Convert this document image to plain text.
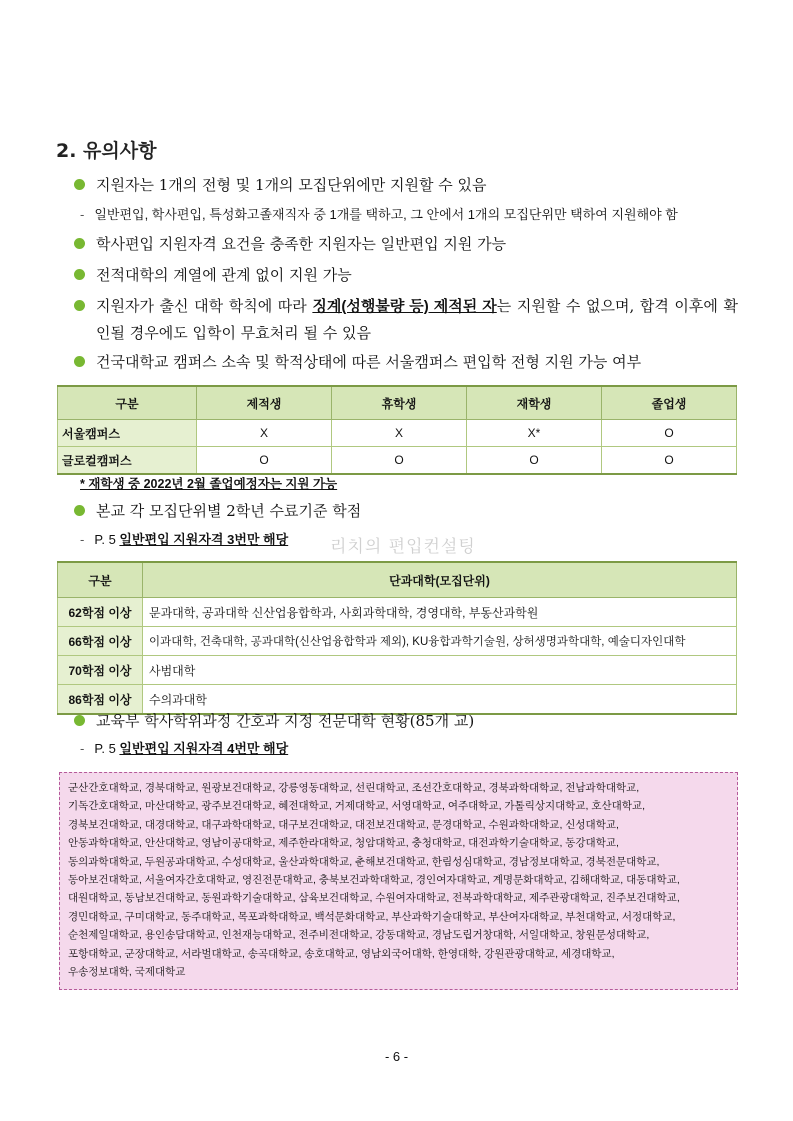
2. 유의사항
지원자는 1개의 전형 및 1개의 모집단위에만 지원할 수 있음
- 일반편입, 학사편입, 특성화고졸재직자 중 1개를 택하고, 그 안에서 1개의 모집단위만 택하여 지원해야 함
학사편입 지원자격 요건을 충족한 지원자는 일반편입 지원 가능
전적대학의 계열에 관계 없이 지원 가능
지원자가 출신 대학 학칙에 따라 징계(성행불량 등) 제적된 자는 지원할 수 없으며, 합격 이후에 확인될 경우에도 입학이 무효처리 될 수 있음
건국대학교 캠퍼스 소속 및 학적상태에 따른 서울캠퍼스 편입학 전형 지원 가능 여부
구분	제적생	휴학생	재학생	졸업생
서울캠퍼스	X	X	X*	O
글로컬캠퍼스	O	O	O	O
* 재학생 중 2022년 2월 졸업예정자는 지원 가능
본교 각 모집단위별 2학년 수료기준 학점
- P. 5 일반편입 지원자격 3번만 해당 리치의 편입컨설팅
구분	단과대학(모집단위)
62학점 이상	문과대학, 공과대학 신산업융합학과, 사회과학대학, 경영대학, 부동산과학원
66학점 이상	이과대학, 건축대학, 공과대학(신산업융합학과 제외), KU융합과학기술원, 상허생명과학대학, 예술디자인대학
70학점 이상	사범대학
86학점 이상	수의과대학
교육부 학사학위과정 간호과 지정 전문대학 현황(85개 교)
- P. 5 일반편입 지원자격 4번만 해당
군산간호대학교, 경북대학교, 원광보건대학교, 강릉영동대학교, 선린대학교, 조선간호대학교, 경북과학대학교, 전남과학대학교,
기독간호대학교, 마산대학교, 광주보건대학교, 혜전대학교, 거제대학교, 서영대학교, 여주대학교, 가톨릭상지대학교, 호산대학교,
경북보건대학교, 대경대학교, 대구과학대학교, 대구보건대학교, 대전보건대학교, 문경대학교, 수원과학대학교, 신성대학교,
안동과학대학교, 안산대학교, 영남이공대학교, 제주한라대학교, 청암대학교, 충청대학교, 대전과학기술대학교, 동강대학교,
동의과학대학교, 두원공과대학교, 수성대학교, 울산과학대학교, 춘해보건대학교, 한림성심대학교, 경남정보대학교, 경북전문대학교,
동아보건대학교, 서울여자간호대학교, 영진전문대학교, 충북보건과학대학교, 경인여자대학교, 계명문화대학교, 김해대학교, 대동대학교,
대원대학교, 동남보건대학교, 동원과학기술대학교, 삼육보건대학교, 수원여자대학교, 전북과학대학교, 제주관광대학교, 진주보건대학교,
경민대학교, 구미대학교, 동주대학교, 목포과학대학교, 백석문화대학교, 부산과학기술대학교, 부산여자대학교, 부천대학교, 서정대학교,
순천제일대학교, 용인송담대학교, 인천재능대학교, 전주비전대학교, 강동대학교, 경남도립거창대학, 서일대학교, 창원문성대학교,
포항대학교, 군장대학교, 서라벌대학교, 송곡대학교, 송호대학교, 영남외국어대학, 한영대학, 강원관광대학교, 세경대학교,
우송정보대학, 국제대학교
- 6 -
